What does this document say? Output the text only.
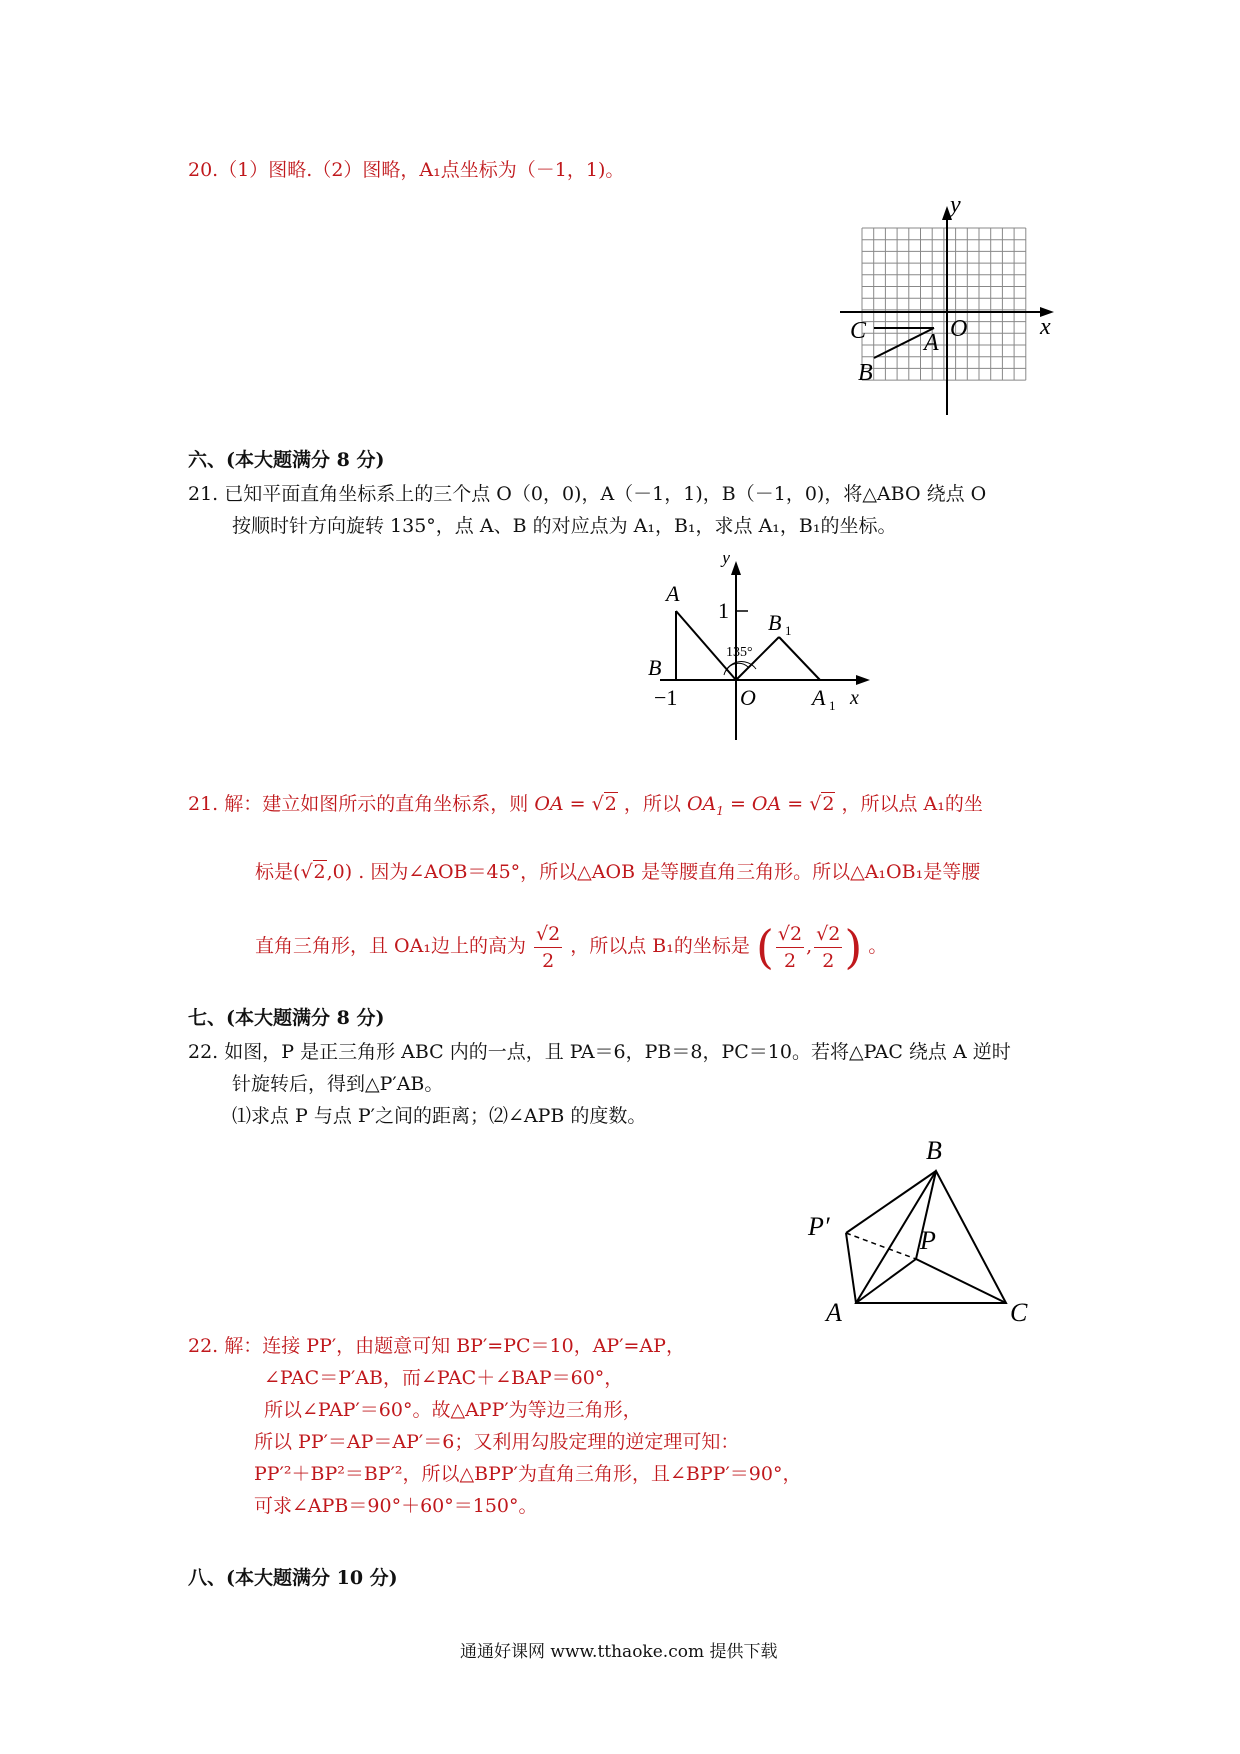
20.（1）图略.（2）图略，A₁点坐标为（－1，1)。
y
x
O
C A
B
六、(本大题满分 8 分)
21. 已知平面直角坐标系上的三个点 O（0，0)，A（－1，1)，B（－1，0)，将△ABO 绕点 O
按顺时针方向旋转 135°，点 A、B 的对应点为 A₁，B₁，求点 A₁，B₁的坐标。
y
1 B 1
A
B
135°
−1	O	A 1 x
21. 解：建立如图所示的直角坐标系，则 OA = √2 ，所以 $OA_1$ = OA = √2 ，所以点 A₁的坐
标是(√2,0) . 因为∠AOB＝45°，所以△AOB 是等腰直角三角形。所以△A₁OB₁是等腰
直角三角形，且 OA₁边上的高为 $\frac{√2}{2}$ ，所以点 B₁的坐标是 ( $\frac{√2}{2}$ , $\frac{√2}{2}$ ) 。
七、(本大题满分 8 分)
22. 如图，P 是正三角形 ABC 内的一点，且 PA＝6，PB＝8，PC＝10。若将△PAC 绕点 A 逆时
针旋转后，得到△P′AB。
⑴求点 P 与点 P′之间的距离；⑵∠APB 的度数。
B
P′	P
A	C
22. 解：连接 PP′，由题意可知 BP′=PC＝10，AP′=AP，
∠PAC＝P′AB，而∠PAC＋∠BAP＝60°，
所以∠PAP′＝60°。故△APP′为等边三角形，
所以 PP′＝AP＝AP′＝6；又利用勾股定理的逆定理可知：
PP′²＋BP²＝BP′²，所以△BPP′为直角三角形，且∠BPP′＝90°，
可求∠APB＝90°＋60°＝150°。
八、(本大题满分 10 分)
通通好课网 www.tthaoke.com 提供下载
